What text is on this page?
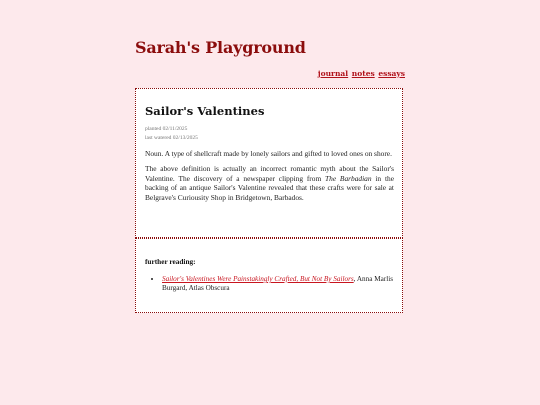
Sarah's Playground
journal notes essays
Sailor's Valentines
planted 02/11/2025
last watered 02/13/2025

Noun. A type of shellcraft made by lonely sailors and gifted to loved ones on shore.

The above definition is actually an incorrect romantic myth about the Sailor's Valentine. The discovery of a newspaper clipping from The Barbadian in the backing of an antique Sailor's Valentine revealed that these crafts were for sale at Belgrave's Curiousity Shop in Bridgetown, Barbados.

further reading:
• Sailor's Valentines Were Painstakingly Crafted, But Not By Sailors, Anna Marlis Burgard, Atlas Obscura
